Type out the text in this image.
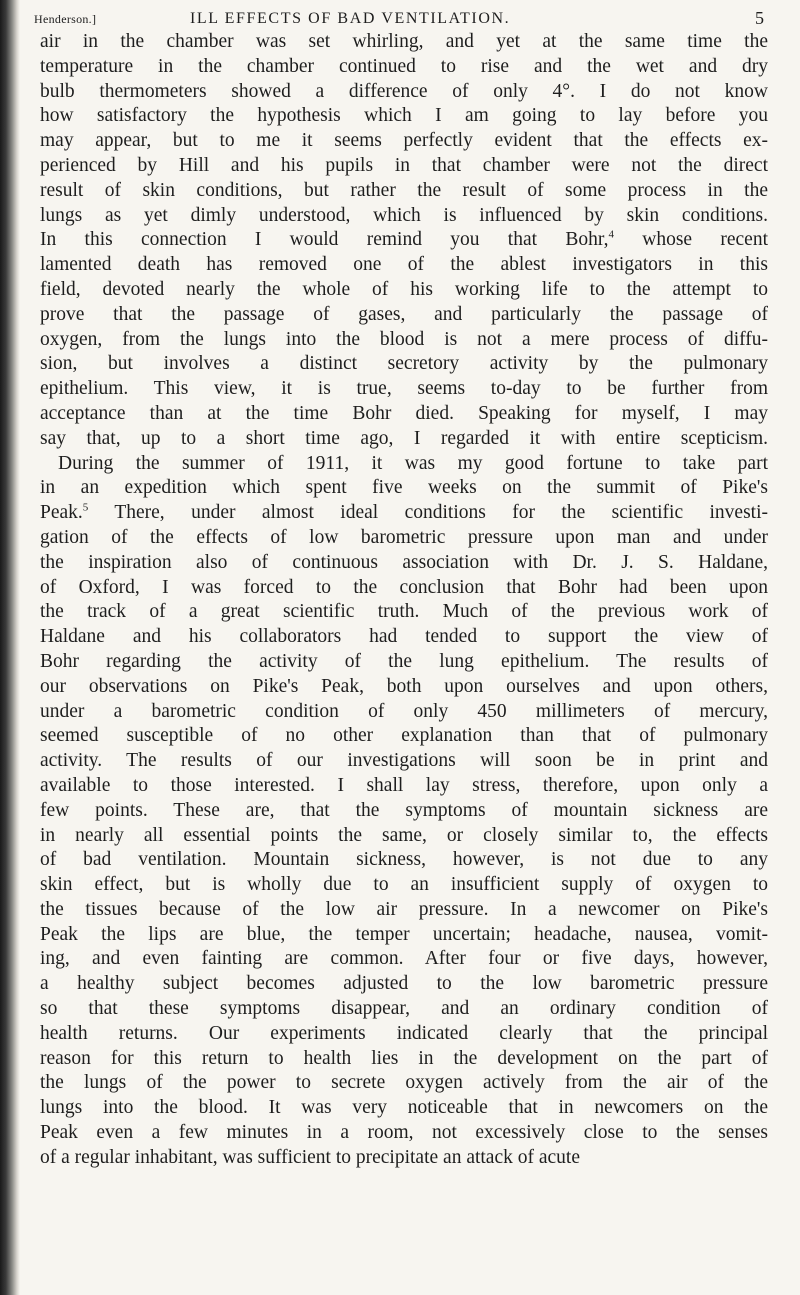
Henderson.]	ILL EFFECTS OF BAD VENTILATION.	5
air in the chamber was set whirling, and yet at the same time the
temperature in the chamber continued to rise and the wet and dry
bulb thermometers showed a difference of only 4°. I do not know
how satisfactory the hypothesis which I am going to lay before you
may appear, but to me it seems perfectly evident that the effects ex-
perienced by Hill and his pupils in that chamber were not the direct
result of skin conditions, but rather the result of some process in the
lungs as yet dimly understood, which is influenced by skin conditions.
In this connection I would remind you that Bohr,$^4$ whose recent
lamented death has removed one of the ablest investigators in this
field, devoted nearly the whole of his working life to the attempt to
prove that the passage of gases, and particularly the passage of
oxygen, from the lungs into the blood is not a mere process of diffu-
sion, but involves a distinct secretory activity by the pulmonary
epithelium. This view, it is true, seems to-day to be further from
acceptance than at the time Bohr died. Speaking for myself, I may
say that, up to a short time ago, I regarded it with entire scepticism.
During the summer of 1911, it was my good fortune to take part
in an expedition which spent five weeks on the summit of Pike's
Peak.$^5$ There, under almost ideal conditions for the scientific investi-
gation of the effects of low barometric pressure upon man and under
the inspiration also of continuous association with Dr. J. S. Haldane,
of Oxford, I was forced to the conclusion that Bohr had been upon
the track of a great scientific truth. Much of the previous work of
Haldane and his collaborators had tended to support the view of
Bohr regarding the activity of the lung epithelium. The results of
our observations on Pike's Peak, both upon ourselves and upon others,
under a barometric condition of only 450 millimeters of mercury,
seemed susceptible of no other explanation than that of pulmonary
activity. The results of our investigations will soon be in print and
available to those interested. I shall lay stress, therefore, upon only a
few points. These are, that the symptoms of mountain sickness are
in nearly all essential points the same, or closely similar to, the effects
of bad ventilation. Mountain sickness, however, is not due to any
skin effect, but is wholly due to an insufficient supply of oxygen to
the tissues because of the low air pressure. In a newcomer on Pike's
Peak the lips are blue, the temper uncertain; headache, nausea, vomit-
ing, and even fainting are common. After four or five days, however,
a healthy subject becomes adjusted to the low barometric pressure
so that these symptoms disappear, and an ordinary condition of
health returns. Our experiments indicated clearly that the principal
reason for this return to health lies in the development on the part of
the lungs of the power to secrete oxygen actively from the air of the
lungs into the blood. It was very noticeable that in newcomers on the
Peak even a few minutes in a room, not excessively close to the senses
of a regular inhabitant, was sufficient to precipitate an attack of acute
